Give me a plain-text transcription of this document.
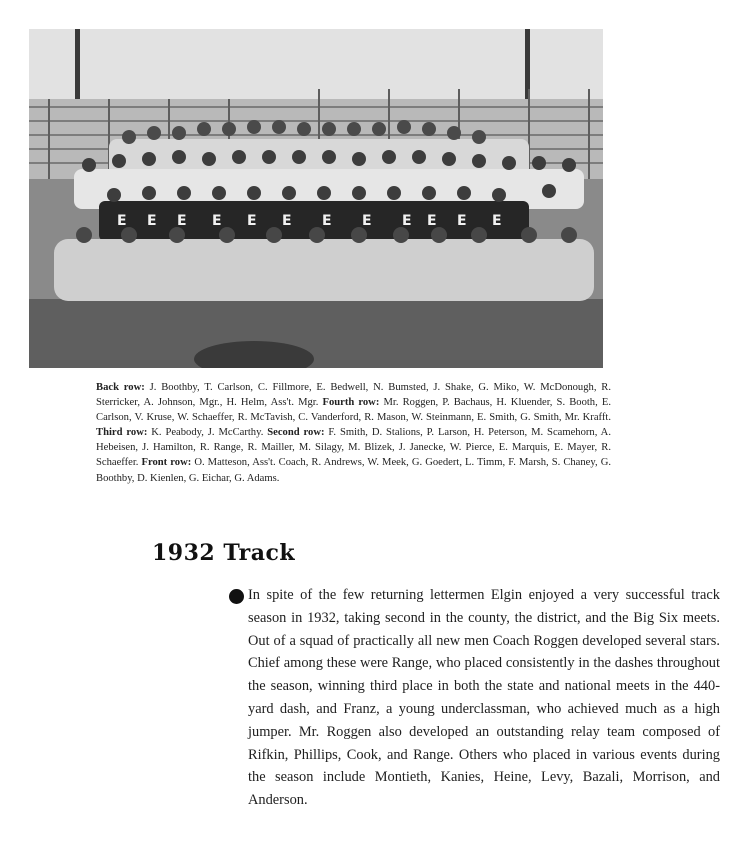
E E E E E E E E E E E E
Back row: J. Boothby, T. Carlson, C. Fillmore, E. Bedwell, N. Bumsted, J. Shake, G. Miko, W. McDonough, R. Sterricker, A. Johnson, Mgr., H. Helm, Ass't. Mgr. Fourth row: Mr. Roggen, P. Bachaus, H. Kluender, S. Booth, E. Carlson, V. Kruse, W. Schaeffer, R. McTavish, C. Vanderford, R. Mason, W. Steinmann, E. Smith, G. Smith, Mr. Krafft. Third row: K. Peabody, J. McCarthy. Second row: F. Smith, D. Stalions, P. Larson, H. Peterson, M. Scamehorn, A. Hebeisen, J. Hamilton, R. Range, R. Mailler, M. Silagy, M. Blizek, J. Janecke, W. Pierce, E. Marquis, E. Mayer, R. Schaeffer. Front row: O. Matteson, Ass't. Coach, R. Andrews, W. Meek, G. Goedert, L. Timm, F. Marsh, S. Chaney, G. Boothby, D. Kienlen, G. Eichar, G. Adams.
1932 Track

In spite of the few returning lettermen Elgin enjoyed a very successful track season in 1932, taking second in the county, the district, and the Big Six meets. Out of a squad of practically all new men Coach Roggen developed several stars. Chief among these were Range, who placed consistently in the dashes throughout the season, winning third place in both the state and national meets in the 440-yard dash, and Franz, a young underclassman, who achieved much as a high jumper. Mr. Roggen also developed an outstanding relay team composed of Rifkin, Phillips, Cook, and Range. Others who placed in various events during the season include Montieth, Kanies, Heine, Levy, Bazali, Morrison, and Anderson.
